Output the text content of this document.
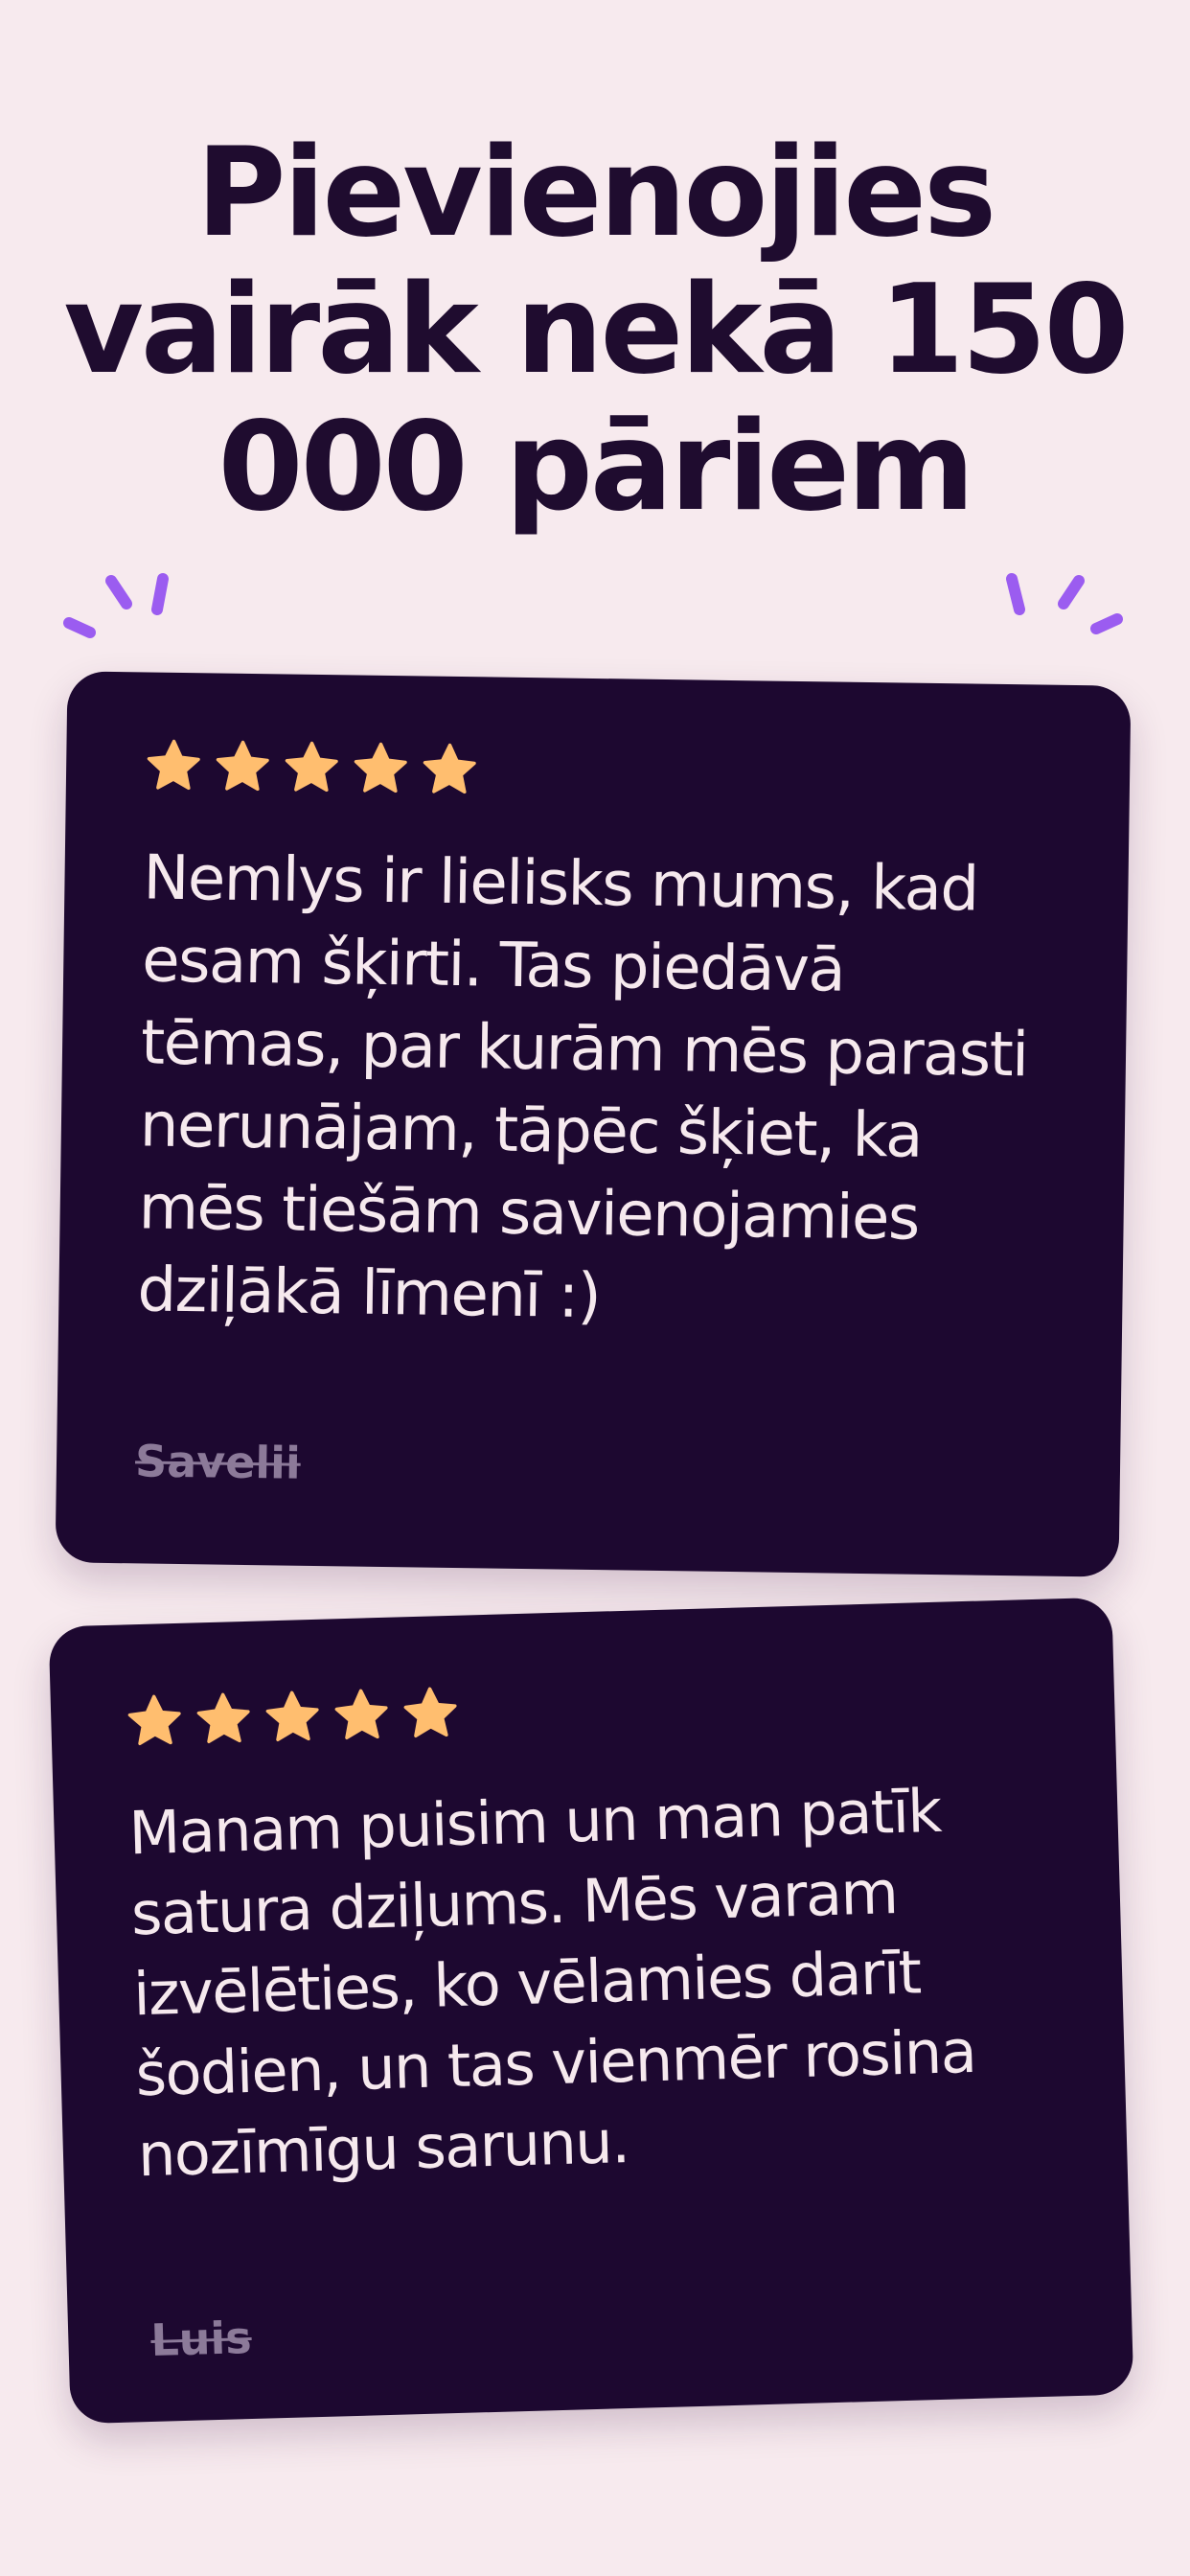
Pievienojies vairāk nekā 150 000 pāriem

Nemlys ir lielisks mums, kad esam šķirti. Tas piedāvā tēmas, par kurām mēs parasti nerunājam, tāpēc šķiet, ka mēs tiešām savienojamies dziļākā līmenī :)

Savelii

Manam puisim un man patīk satura dziļums. Mēs varam izvēlēties, ko vēlamies darīt šodien, un tas vienmēr rosina nozīmīgu sarunu.

Luis
